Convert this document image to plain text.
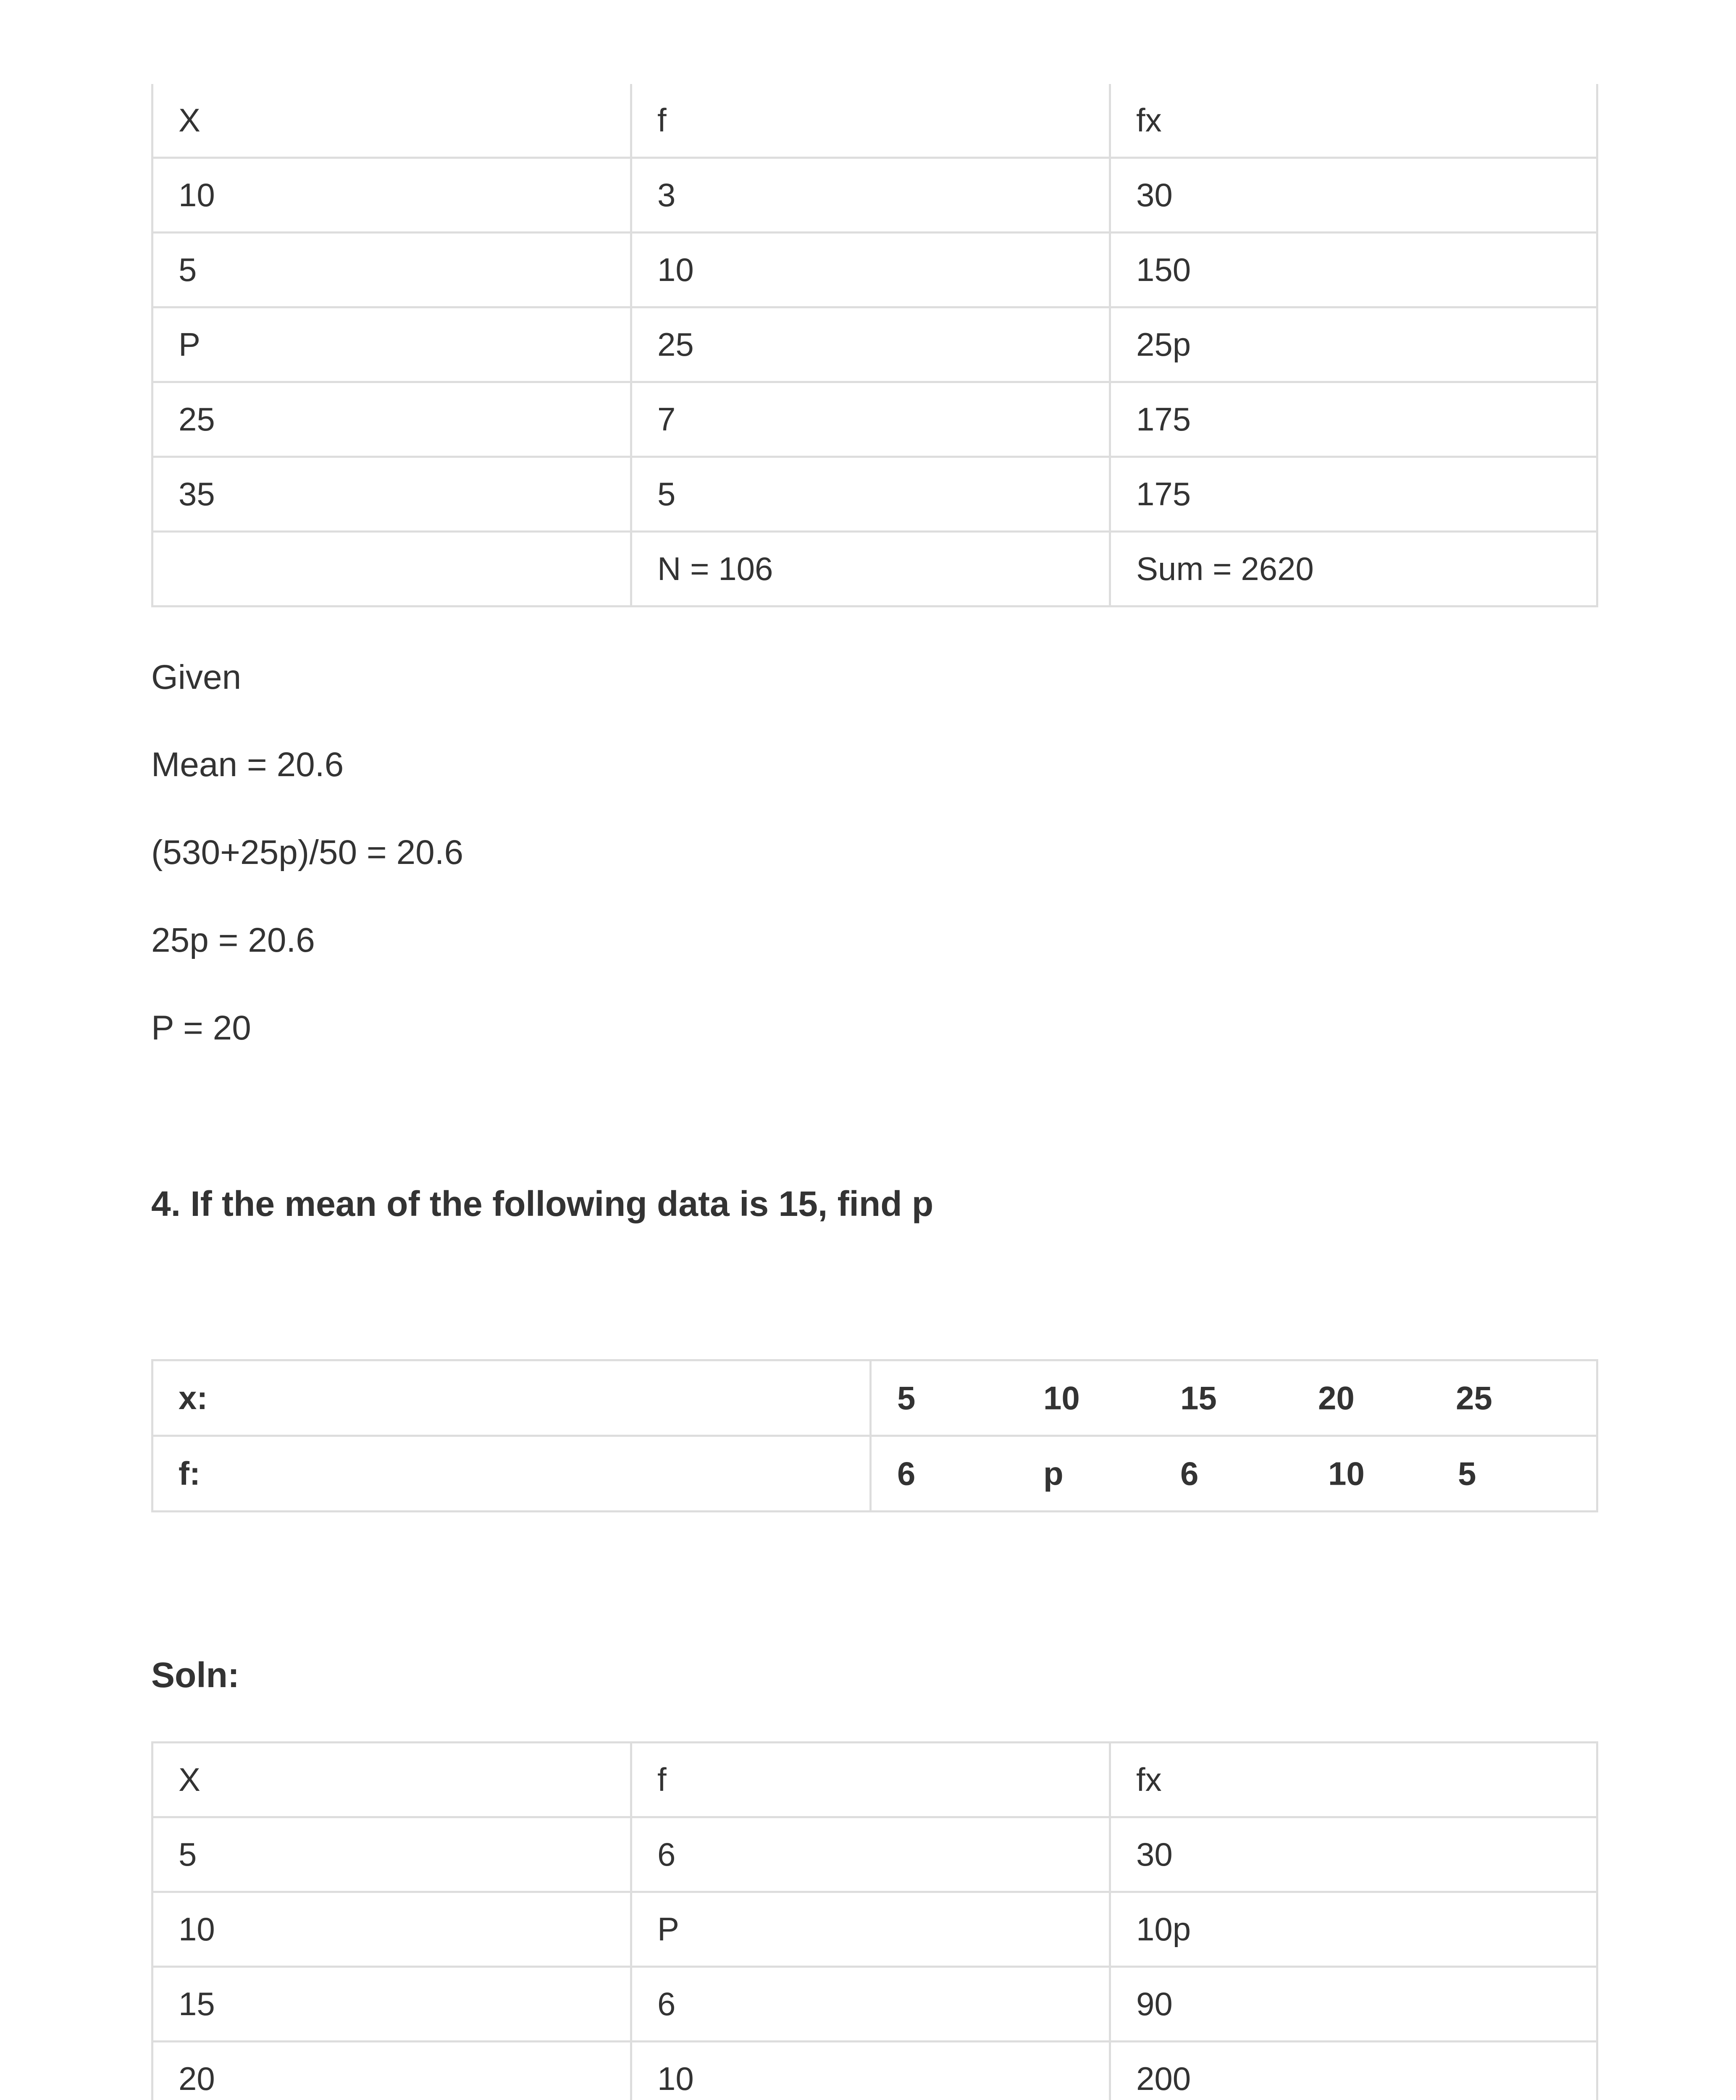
X	f	fx
10	3	30
5	10	150
P	25	25p
25	7	175
35	5	175
	N = 106	Sum = 2620
Given
Mean = 20.6
(530+25p)/50 = 20.6
25p = 20.6
P = 20
4. If the mean of the following data is 15, find p
x:	5 10 15 20 25

f:	6 p 6 10 5
Soln:
X	f	fx
5	6	30
10	P	10p
15	6	90
20	10	200
